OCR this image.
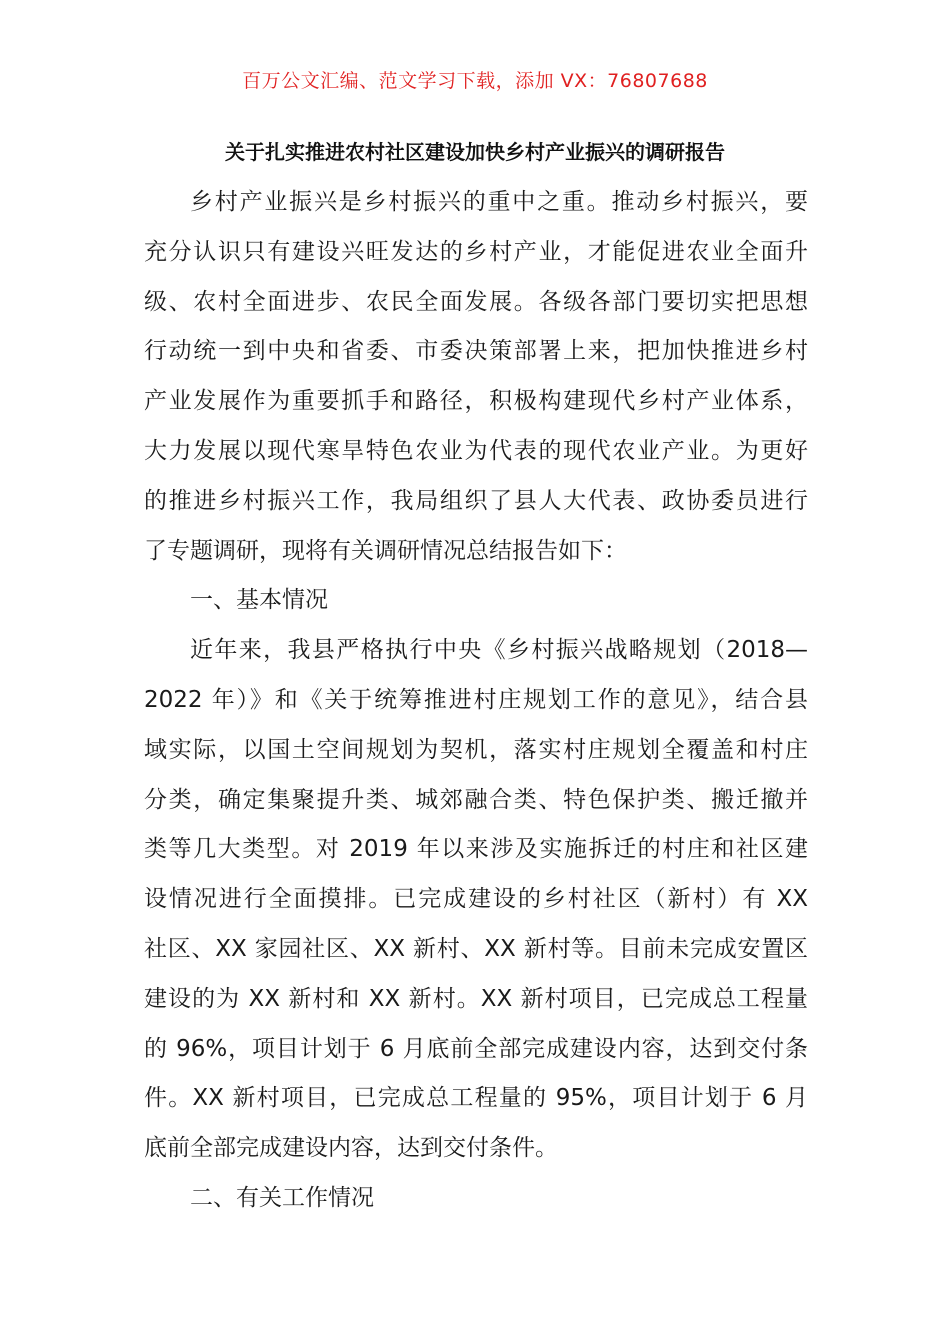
百万公文汇编、范文学习下载，添加 VX：76807688
关于扎实推进农村社区建设加快乡村产业振兴的调研报告
乡村产业振兴是乡村振兴的重中之重。推动乡村振兴，要
充分认识只有建设兴旺发达的乡村产业，才能促进农业全面升
级、农村全面进步、农民全面发展。各级各部门要切实把思想
行动统一到中央和省委、市委决策部署上来，把加快推进乡村
产业发展作为重要抓手和路径，积极构建现代乡村产业体系，
大力发展以现代寒旱特色农业为代表的现代农业产业。为更好
的推进乡村振兴工作，我局组织了县人大代表、政协委员进行
了专题调研，现将有关调研情况总结报告如下：
一、基本情况
近年来，我县严格执行中央《乡村振兴战略规划（2018—
2022 年）》和《关于统筹推进村庄规划工作的意见》，结合县
域实际，以国土空间规划为契机，落实村庄规划全覆盖和村庄
分类，确定集聚提升类、城郊融合类、特色保护类、搬迁撤并
类等几大类型。对 2019 年以来涉及实施拆迁的村庄和社区建
设情况进行全面摸排。已完成建设的乡村社区（新村）有 XX
社区、XX 家园社区、XX 新村、XX 新村等。目前未完成安置区
建设的为 XX 新村和 XX 新村。XX 新村项目，已完成总工程量
的 96%，项目计划于 6 月底前全部完成建设内容，达到交付条
件。XX 新村项目，已完成总工程量的 95%，项目计划于 6 月
底前全部完成建设内容，达到交付条件。
二、有关工作情况
